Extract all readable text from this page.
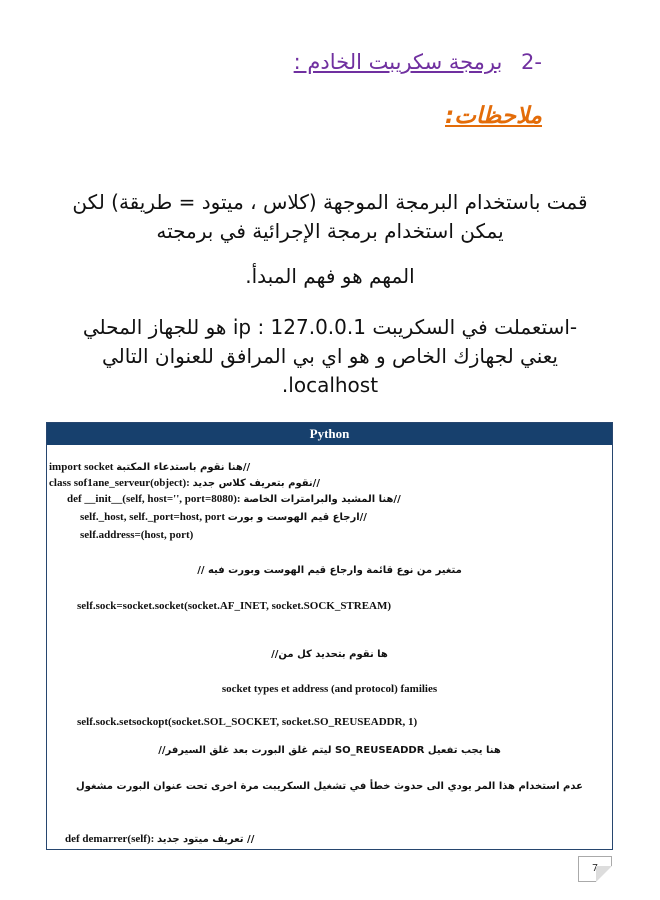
-2 برمجة سكريبت الخادم :
ملاحظات:
قمت باستخدام البرمجة الموجهة (كلاس ، ميتود = طريقة) لكن يمكن استخدام برمجة الإجرائية في برمجته
المهم هو فهم المبدأ.
-استعملت في السكريبت ip : 127.0.0.1 هو للجهاز المحلي
يعني لجهازك الخاص و هو اي بي المرافق للعنوان التالي
localhost.
Python
import socket هنا نقوم باستدعاء المكتبة//
class sof1ane_serveur(object): نقوم بتعريف كلاس جديد//
def __init__(self, host='', port=8080): هنا المشيد والبرامترات الخاصة//
self._host, self._port=host, port ارجاع قيم الهوست و بورت//
self.address=(host, port)
متغير من نوع قائمة وارجاع قيم الهوست وبورت فيه //
self.sock=socket.socket(socket.AF_INET, socket.SOCK_STREAM)
ها نقوم بتحديد كل من//
socket types et address (and protocol) families
self.sock.setsockopt(socket.SOL_SOCKET, socket.SO_REUSEADDR, 1)
هنا يجب تفعيل SO_REUSEADDR ليتم غلق البورت بعد غلق السيرفر//
عدم استخدام هذا المر يودي الى حدوث خطأ في تشغيل السكريبت مرة اخرى تحت عنوان البورت مشغول
def demarrer(self): تعريف ميتود جديد //
7
